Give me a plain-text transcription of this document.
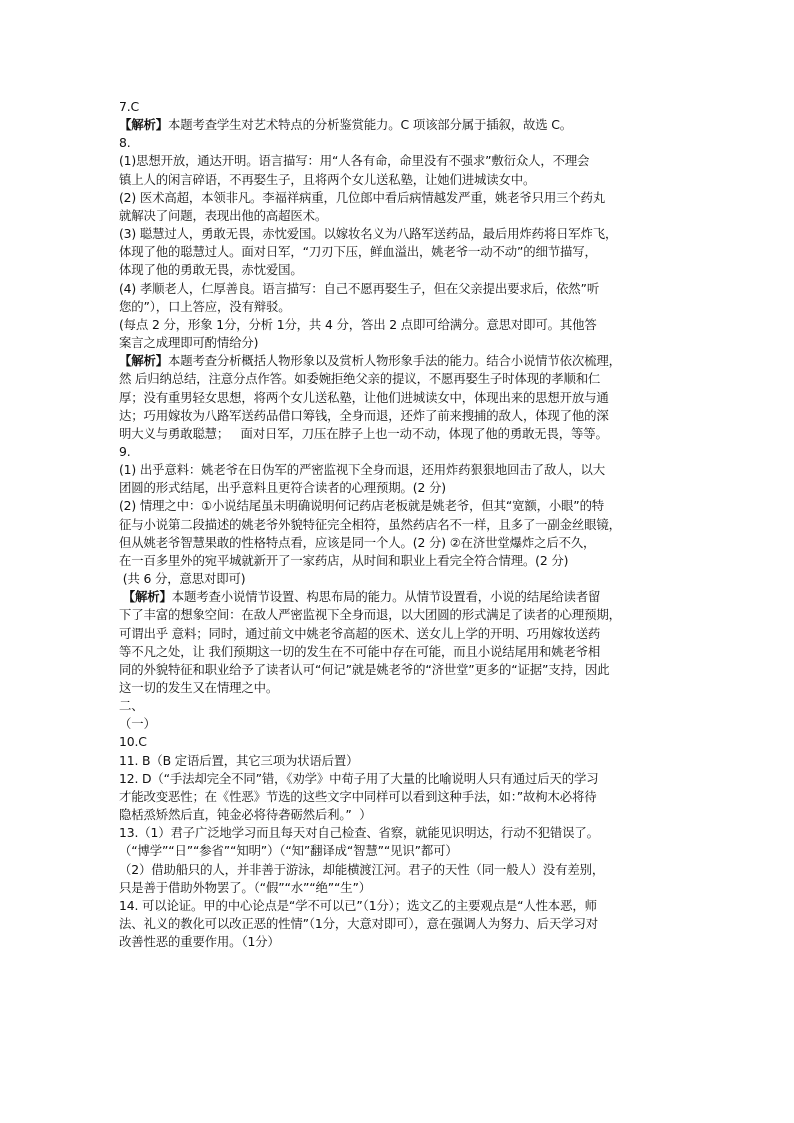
7.C

【解析】本题考查学生对艺术特点的分析鉴赏能力。C 项该部分属于插叙，故选 C。

8.

(1)思想开放，通达开明。语言描写：用“人各有命，命里没有不强求”敷衍众人，不理会

镇上人的闲言碎语，不再娶生子，且将两个女儿送私塾，让她们进城读女中。

(2) 医术高超，本领非凡。李福祥病重，几位郎中看后病情越发严重，姚老爷只用三个药丸

就解决了问题，表现出他的高超医术。

(3) 聪慧过人，勇敢无畏，赤忱爱国。以嫁妆名义为八路军送药品，最后用炸药将日军炸飞，

体现了他的聪慧过人。面对日军，“刀刃下压，鲜血溢出，姚老爷一动不动”的细节描写，

体现了他的勇敢无畏，赤忱爱国。

(4) 孝顺老人，仁厚善良。语言描写：自己不愿再娶生子，但在父亲提出要求后，依然”听

您的”），口上答应，没有辩驳。

(每点 2 分，形象 1分，分析 1分，共 4 分，答出 2 点即可给满分。意思对即可。其他答

案言之成理即可酌情给分)

【解析】本题考查分析概括人物形象以及赏析人物形象手法的能力。结合小说情节依次梳理，

然 后归纳总结，注意分点作答。如委婉拒绝父亲的提议，不愿再娶生子时体现的孝顺和仁

厚；没有重男轻女思想，将两个女儿送私塾，让他们进城读女中，体现出来的思想开放与通

达；巧用嫁妆为八路军送药品借口筹钱，全身而退，还炸了前来搜捕的敌人，体现了他的深

明大义与勇敢聪慧；   面对日军，刀压在脖子上也一动不动，体现了他的勇敢无畏，等等。

9.

(1) 出乎意料：姚老爷在日伪军的严密监视下全身而退，还用炸药狠狠地回击了敌人，以大

团圆的形式结尾，出乎意料且更符合读者的心理预期。(2 分)

(2) 情理之中：①小说结尾虽未明确说明何记药店老板就是姚老爷，但其“宽额，小眼”的特

征与小说第二段描述的姚老爷外貌特征完全相符，虽然药店名不一样，且多了一副金丝眼镜，

但从姚老爷智慧果敢的性格特点看，应该是同一个人。(2 分) ②在济世堂爆炸之后不久，

在一百多里外的宛平城就新开了一家药店，从时间和职业上看完全符合情理。(2 分)

(共 6 分，意思对即可)

【解析】本题考查小说情节设置、构思布局的能力。从情节设置看，小说的结尾给读者留

下了丰富的想象空间：在敌人严密监视下全身而退，以大团圆的形式满足了读者的心理预期，

可谓出乎 意料；同时，通过前文中姚老爷高超的医术、送女儿上学的开明、巧用嫁妆送药

等不凡之处，让 我们预期这一切的发生在不可能中存在可能，而且小说结尾用和姚老爷相

同的外貌特征和职业给予了读者认可“何记”就是姚老爷的“济世堂”更多的“证据”支持，因此

这一切的发生又在情理之中。

二、

（一）

10.C

11. B（B 定语后置，其它三项为状语后置）

12. D（“手法却完全不同”错，《劝学》中荀子用了大量的比喻说明人只有通过后天的学习

才能改变恶性；在《性恶》节选的这些文字中同样可以看到这种手法，如：”故枸木必将待

隐栝烝矫然后直，钝金必将待砻砺然后利。”  ）

13.（1）君子广泛地学习而且每天对自己检查、省察，就能见识明达，行动不犯错误了。

（“博学”“日”“参省”“知明”）（“知”翻译成“智慧”“见识”都可）

（2）借助船只的人，并非善于游泳，却能横渡江河。君子的天性（同一般人）没有差别，

只是善于借助外物罢了。（“假”“水”“绝”“生”）

14. 可以论证。甲的中心论点是“学不可以已”（1分）；选文乙的主要观点是“人性本恶，师

法、礼义的教化可以改正恶的性情”（1分，大意对即可），意在强调人为努力、后天学习对

改善性恶的重要作用。（1分）
